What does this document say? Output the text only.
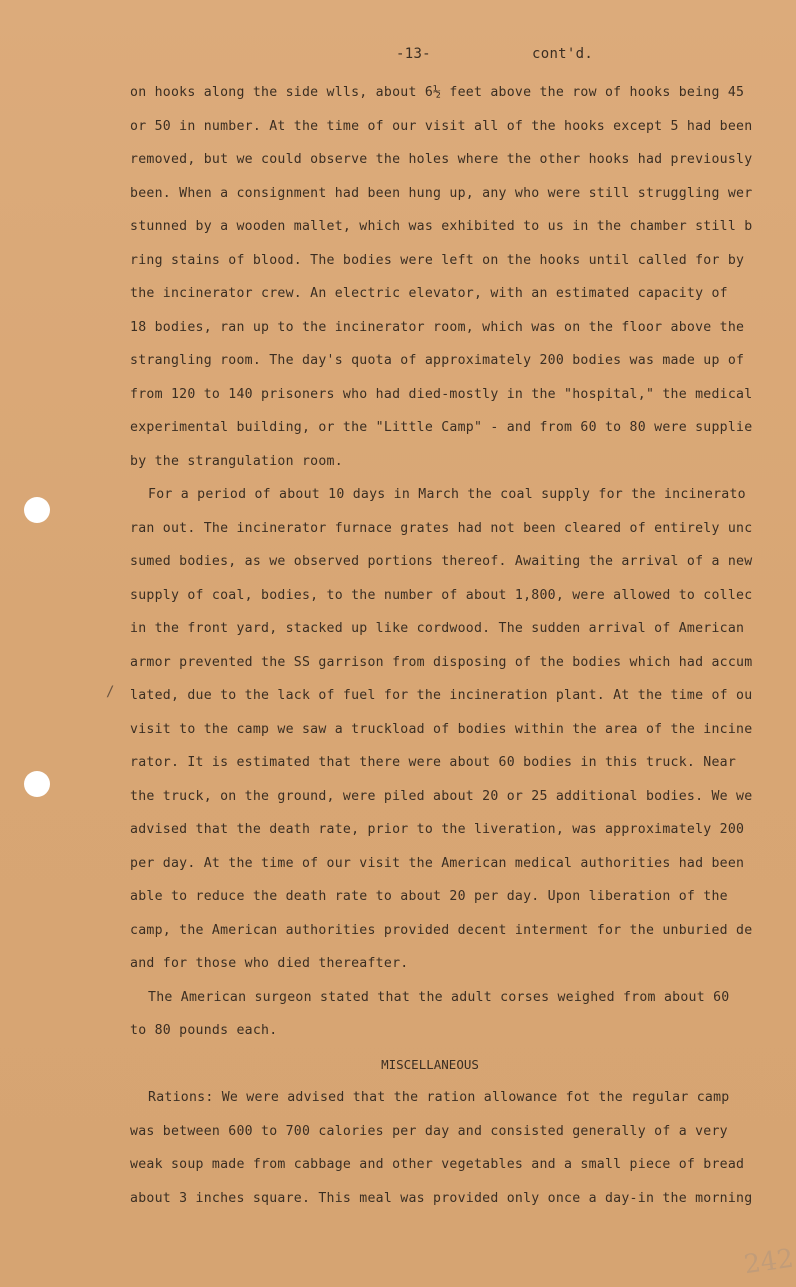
-13-	cont'd.
/
on hooks along the side wlls, about 6½ feet above the row of hooks being 45
or 50 in number. At the time of our visit all of the hooks except 5 had been
removed, but we could observe the holes where the other hooks had previously
been. When a consignment had been hung up, any who were still struggling wer
stunned by a wooden mallet, which was exhibited to us in the chamber still b
ring stains of blood. The bodies were left on the hooks until called for by
the incinerator crew. An electric elevator, with an estimated capacity of
18 bodies, ran up to the incinerator room, which was on the floor above the
strangling room. The day's quota of approximately 200 bodies was made up of
from 120 to 140 prisoners who had died-mostly in the "hospital," the medical
experimental building, or the "Little Camp" - and from 60 to 80 were supplie
by the strangulation room.
For a period of about 10 days in March the coal supply for the incinerato
ran out. The incinerator furnace grates had not been cleared of entirely unc
sumed bodies, as we observed portions thereof. Awaiting the arrival of a new
supply of coal, bodies, to the number of about 1,800, were allowed to collec
in the front yard, stacked up like cordwood. The sudden arrival of American
armor prevented the SS garrison from disposing of the bodies which had accum
lated, due to the lack of fuel for the incineration plant. At the time of ou
visit to the camp we saw a truckload of bodies within the area of the incine
rator. It is estimated that there were about 60 bodies in this truck. Near
the truck, on the ground, were piled about 20 or 25 additional bodies. We we
advised that the death rate, prior to the liveration, was approximately 200
per day. At the time of our visit the American medical authorities had been
able to reduce the death rate to about 20 per day. Upon liberation of the
camp, the American authorities provided decent interment for the unburied de
and for those who died thereafter.
The American surgeon stated that the adult corses weighed from about 60
to 80 pounds each.
MISCELLANEOUS
Rations: We were advised that the ration allowance fot the regular camp
was between 600 to 700 calories per day and consisted generally of a very
weak soup made from cabbage and other vegetables and a small piece of bread
about 3 inches square. This meal was provided only once a day-in the morning
242
